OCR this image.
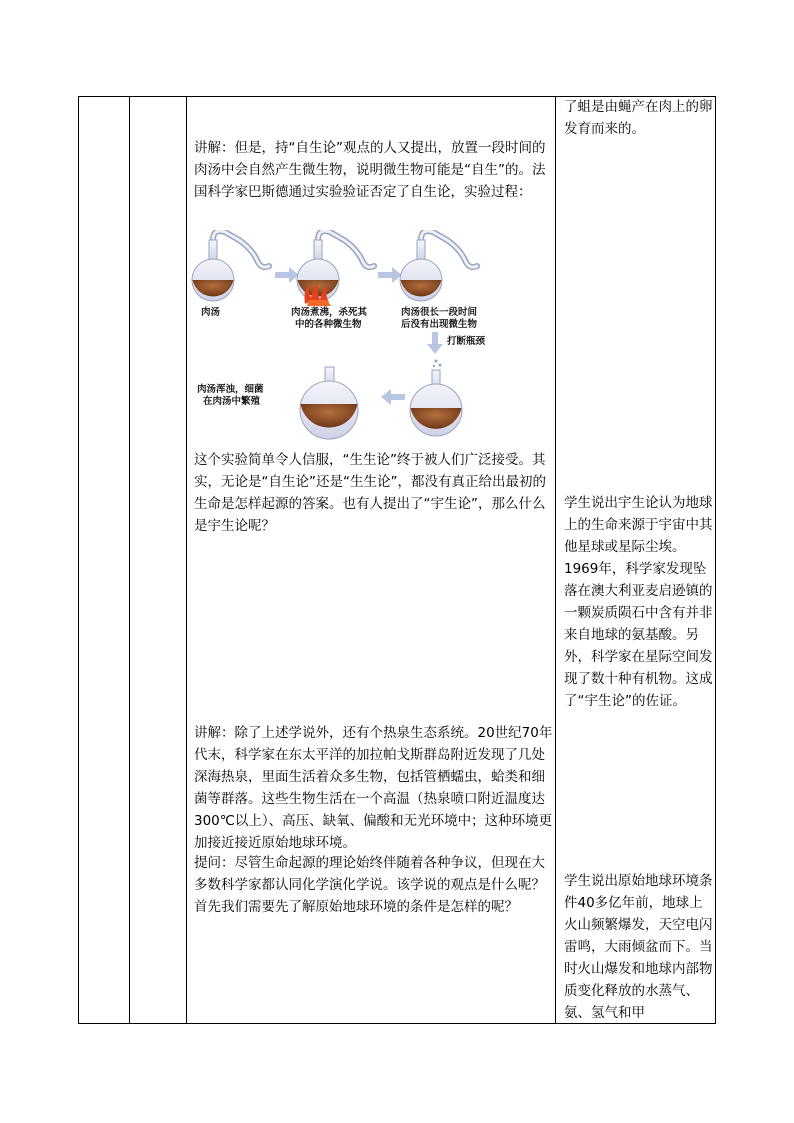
讲解：但是，持“自生论”观点的人又提出，放置一段时间的肉汤中会自然产生微生物，说明微生物可能是“自生”的。法国科学家巴斯德通过实验验证否定了自生论，实验过程：

肉汤	肉汤煮沸，杀死其
中的各种微生物
肉汤很长一段时间
后没有出现微生物
打断瓶颈
肉汤浑浊，细菌
在肉汤中繁殖

这个实验简单令人信服，“生生论”终于被人们广泛接受。其实，无论是“自生论”还是“生生论”，都没有真正给出最初的生命是怎样起源的答案。也有人提出了“宇生论”，那么什么是宇生论呢？

讲解：除了上述学说外，还有个热泉生态系统。20世纪70年代末，科学家在东太平洋的加拉帕戈斯群岛附近发现了几处深海热泉，里面生活着众多生物，包括管栖蠕虫，蛤类和细菌等群落。这些生物生活在一个高温（热泉喷口附近温度达300℃以上）、高压、缺氧、偏酸和无光环境中；这种环境更加接近接近原始地球环境。

提问：尽管生命起源的理论始终伴随着各种争议，但现在大多数科学家都认同化学演化学说。该学说的观点是什么呢？首先我们需要先了解原始地球环境的条件是怎样的呢？

了蛆是由蝇产在肉上的卵发育而来的。

学生说出宇生论认为地球上的生命来源于宇宙中其他星球或星际尘埃。1969年，科学家发现坠落在澳大利亚麦启逊镇的一颗炭质陨石中含有并非来自地球的氨基酸。另外，科学家在星际空间发现了数十种有机物。这成了“宇生论”的佐证。

学生说出原始地球环境条件40多亿年前，地球上火山频繁爆发，天空电闪雷鸣，大雨倾盆而下。当时火山爆发和地球内部物质变化释放的水蒸气、氨、氢气和甲
